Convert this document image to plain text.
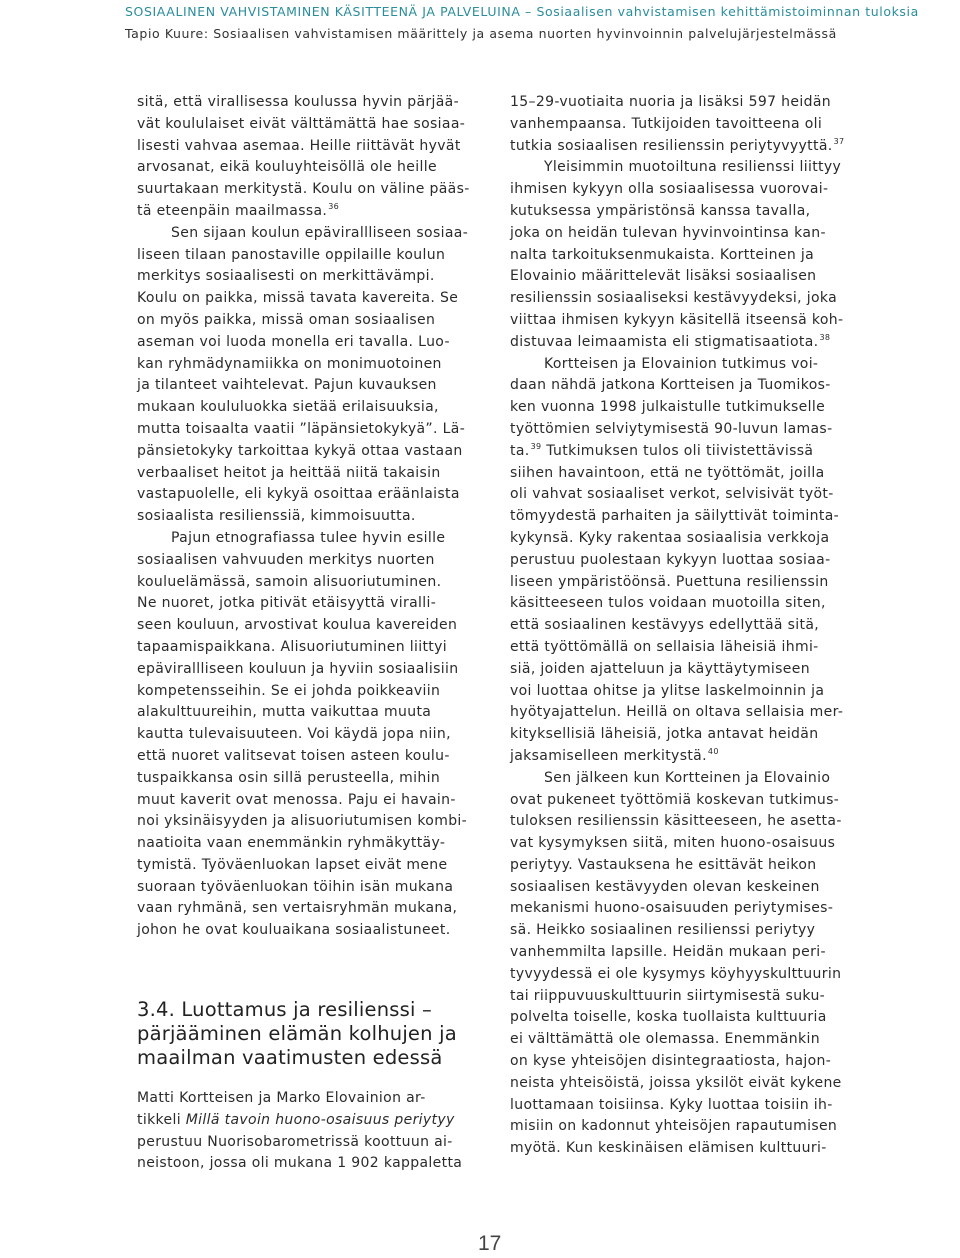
SOSIAALINEN VAHVISTAMINEN KÄSITTEENÄ JA PALVELUINA – Sosiaalisen vahvistamisen kehittämistoiminnan tuloksia
Tapio Kuure: Sosiaalisen vahvistamisen määrittely ja asema nuorten hyvinvoinnin palvelujärjestelmässä
sitä, että virallisessa koulussa hyvin pärjää-
vät koululaiset eivät välttämättä hae sosiaa-
lisesti vahvaa asemaa. Heille riittävät hyvät
arvosanat, eikä kouluyhteisöllä ole heille
suurtakaan merkitystä. Koulu on väline pääs-
tä eteenpäin maailmassa.$^{36}$
Sen sijaan koulun epävirallliseen sosiaa-
liseen tilaan panostaville oppilaille koulun
merkitys sosiaalisesti on merkittävämpi.
Koulu on paikka, missä tavata kavereita. Se
on myös paikka, missä oman sosiaalisen
aseman voi luoda monella eri tavalla. Luo-
kan ryhmädynamiikka on monimuotoinen
ja tilanteet vaihtelevat. Pajun kuvauksen
mukaan koululuokka sietää erilaisuuksia,
mutta toisaalta vaatii ”läpänsietokykyä”. Lä-
pänsietokyky tarkoittaa kykyä ottaa vastaan
verbaaliset heitot ja heittää niitä takaisin
vastapuolelle, eli kykyä osoittaa eräänlaista
sosiaalista resilienssiä, kimmoisuutta.
Pajun etnografiassa tulee hyvin esille
sosiaalisen vahvuuden merkitys nuorten
kouluelämässä, samoin alisuoriutuminen.
Ne nuoret, jotka pitivät etäisyyttä viralli-
seen kouluun, arvostivat koulua kavereiden
tapaamispaikkana. Alisuoriutuminen liittyi
epävirallliseen kouluun ja hyviin sosiaalisiin
kompetensseihin. Se ei johda poikkeaviin
alakulttuureihin, mutta vaikuttaa muuta
kautta tulevaisuuteen. Voi käydä jopa niin,
että nuoret valitsevat toisen asteen koulu-
tuspaikkansa osin sillä perusteella, mihin
muut kaverit ovat menossa. Paju ei havain-
noi yksinäisyyden ja alisuoriutumisen kombi-
naatioita vaan enemmänkin ryhmäkyttäy-
tymistä. Työväenluokan lapset eivät mene
suoraan työväenluokan töihin isän mukana
vaan ryhmänä, sen vertaisryhmän mukana,
johon he ovat kouluaikana sosiaalistuneet.
3.4. Luottamus ja resilienssi –
pärjääminen elämän kolhujen ja
maailman vaatimusten edessä
Matti Kortteisen ja Marko Elovainion ar-
tikkeli Millä tavoin huono-osaisuus periytyy
perustuu Nuorisobarometrissä koottuun ai-
neistoon, jossa oli mukana 1 902 kappaletta
15–29-vuotiaita nuoria ja lisäksi 597 heidän
vanhempaansa. Tutkijoiden tavoitteena oli
tutkia sosiaalisen resilienssin periytyvyyttä.$^{37}$
Yleisimmin muotoiltuna resilienssi liittyy
ihmisen kykyyn olla sosiaalisessa vuorovai-
kutuksessa ympäristönsä kanssa tavalla,
joka on heidän tulevan hyvinvointinsa kan-
nalta tarkoituksenmukaista. Kortteinen ja
Elovainio määrittelevät lisäksi sosiaalisen
resilienssin sosiaaliseksi kestävyydeksi, joka
viittaa ihmisen kykyyn käsitellä itseensä koh-
distuvaa leimaamista eli stigmatisaatiota.$^{38}$
Kortteisen ja Elovainion tutkimus voi-
daan nähdä jatkona Kortteisen ja Tuomikos-
ken vuonna 1998 julkaistulle tutkimukselle
työttömien selviytymisestä 90-luvun lamas-
ta.$^{39}$ Tutkimuksen tulos oli tiivistettävissä
siihen havaintoon, että ne työttömät, joilla
oli vahvat sosiaaliset verkot, selvisivät työt-
tömyydestä parhaiten ja säilyttivät toiminta-
kykynsä. Kyky rakentaa sosiaalisia verkkoja
perustuu puolestaan kykyyn luottaa sosiaa-
liseen ympäristöönsä. Puettuna resilienssin
käsitteeseen tulos voidaan muotoilla siten,
että sosiaalinen kestävyys edellyttää sitä,
että työttömällä on sellaisia läheisiä ihmi-
siä, joiden ajatteluun ja käyttäytymiseen
voi luottaa ohitse ja ylitse laskelmoinnin ja
hyötyajattelun. Heillä on oltava sellaisia mer-
kityksellisiä läheisiä, jotka antavat heidän
jaksamiselleen merkitystä.$^{40}$
Sen jälkeen kun Kortteinen ja Elovainio
ovat pukeneet työttömiä koskevan tutkimus-
tuloksen resilienssin käsitteeseen, he asetta-
vat kysymyksen siitä, miten huono-osaisuus
periytyy. Vastauksena he esittävät heikon
sosiaalisen kestävyyden olevan keskeinen
mekanismi huono-osaisuuden periytymises-
sä. Heikko sosiaalinen resilienssi periytyy
vanhemmilta lapsille. Heidän mukaan peri-
tyvyydessä ei ole kysymys köyhyyskulttuurin
tai riippuvuuskulttuurin siirtymisestä suku-
polvelta toiselle, koska tuollaista kulttuuria
ei välttämättä ole olemassa. Enemmänkin
on kyse yhteisöjen disintegraatiosta, hajon-
neista yhteisöistä, joissa yksilöt eivät kykene
luottamaan toisiinsa. Kyky luottaa toisiin ih-
misiin on kadonnut yhteisöjen rapautumisen
myötä. Kun keskinäisen elämisen kulttuuri-
17
